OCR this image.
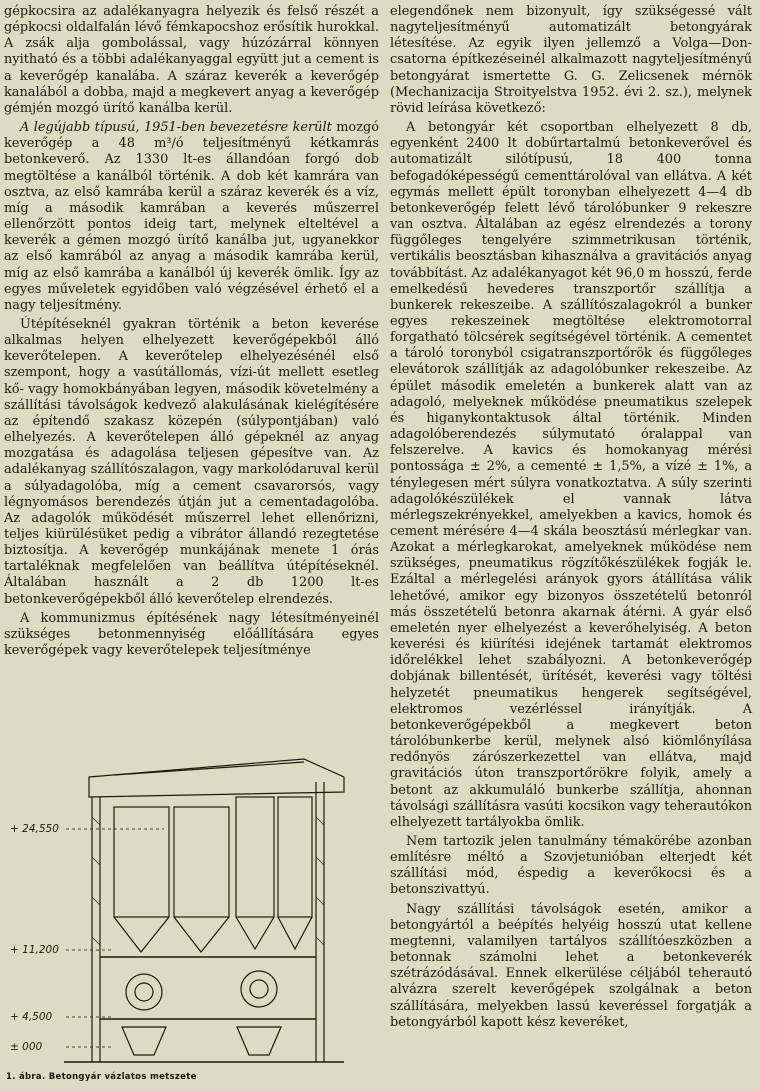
gépkocsira az adalékanyagra helyezik és felső részét a gépkocsi oldalfalán lévő fémkapocshoz erősítik hurokkal. A zsák alja gombolással, vagy húzózárral könnyen nyitható és a többi adalékanyaggal együtt jut a cement is a keverőgép kanalába. A száraz keverék a keverőgép kanalából a dobba, majd a megkevert anyag a keverőgép gémjén mozgó ürítő kanálba kerül.

A legújabb típusú, 1951-ben bevezetésre került mozgó keverőgép a 48 m³/ó teljesítményű kétkamrás betonkeverő. Az 1330 lt-es állandóan forgó dob megtöltése a kanálból történik. A dob két kamrára van osztva, az első kamrába kerül a száraz keverék és a víz, míg a második kamrában a keverés műszerrel ellenőrzött pontos ideig tart, melynek elteltével a keverék a gémen mozgó ürítő kanálba jut, ugyanekkor az első kamrából az anyag a második kamrába kerül, míg az első kamrába a kanálból új keverék ömlik. Így az egyes műveletek egyidőben való végzésével érhető el a nagy teljesítmény.

Útépítéseknél gyakran történik a beton keverése alkalmas helyen elhelyezett keverőgépekből álló keverőtelepen. A keverőtelep elhelyezésénél első szempont, hogy a vasútállomás, vízi-út mellett esetleg kő- vagy homokbányában legyen, második követelmény a szállítási távolságok kedvező alakulásának kielégítésére az építendő szakasz közepén (súlypontjában) való elhelyezés. A keverőtelepen álló gépeknél az anyag mozgatása és adagolása teljesen gépesítve van. Az adalékanyag szállítószalagon, vagy markolódaruval kerül a súlyadagolóba, míg a cement csavarorsós, vagy légnyomásos berendezés útján jut a cementadagolóba. Az adagolók működését műszerrel lehet ellenőrizni, teljes kiürülésüket pedig a vibrátor állandó rezegtetése biztosítja. A keverőgép munkájának menete 1 órás tartaléknak megfelelően van beállítva útépítéseknél. Általában használt a 2 db 1200 lt-es betonkeverőgépekből álló keverőtelep elrendezés.

A kommunizmus építésének nagy létesítményeinél szükséges betonmennyiség előállítására egyes keverőgépek vagy keverőtelepek teljesítménye

+ 24,550
+ 11,200
+ 4,500
± 000
1. ábra. Betongyár vázlatos metszete

elegendőnek nem bizonyult, így szükségessé vált nagyteljesítményű automatizált betongyárak létesítése. Az egyik ilyen jellemző a Volga—Don-csatorna építkezéseinél alkalmazott nagyteljesítményű betongyárat ismertette G. G. Zelicsenek mérnök (Mechanizacija Stroityelstva 1952. évi 2. sz.), melynek rövid leírása következő:

A betongyár két csoportban elhelyezett 8 db, egyenként 2400 lt dobűrtartalmú betonkeverővel és automatizált silótípusú, 18 400 tonna befogadóképességű cementtárolóval van ellátva. A két egymás mellett épült toronyban elhelyezett 4—4 db betonkeverőgép felett lévő tárolóbunker 9 rekeszre van osztva. Általában az egész elrendezés a torony függőleges tengelyére szimmetrikusan történik, vertikális beosztásban kihasználva a gravitációs anyag továbbítást. Az adalékanyagot két 96,0 m hosszú, ferde emelkedésű hevederes transzportőr szállítja a bunkerek rekeszeibe. A szállítószalagokról a bunker egyes rekeszeinek megtöltése elektromotorral forgatható tölcsérek segítségével történik. A cementet a tároló toronyból csigatranszportőrök és függőleges elevátorok szállítják az adagolóbunker rekeszeibe. Az épület második emeletén a bunkerek alatt van az adagoló, melyeknek működése pneumatikus szelepek és higanykontaktusok által történik. Minden adagolóberendezés súlymutató óralappal van felszerelve. A kavics és homokanyag mérési pontossága ± 2%, a cementé ± 1,5%, a vízé ± 1%, a ténylegesen mért súlyra vonatkoztatva. A súly szerinti adagolókészülékek el vannak látva mérlegszekrényekkel, amelyekben a kavics, homok és cement mérésére 4—4 skála beosztású mérlegkar van. Azokat a mérlegkarokat, amelyeknek működése nem szükséges, pneumatikus rögzítőkészülékek fogják le. Ezáltal a mérlegelési arányok gyors átállítása válik lehetővé, amikor egy bizonyos összetételű betonról más összetételű betonra akarnak átérni. A gyár első emeletén nyer elhelyezést a keverőhelyiség. A beton keverési és kiürítési idejének tartamát elektromos időrelékkel lehet szabályozni. A betonkeverőgép dobjának billentését, ürítését, keverési vagy töltési helyzetét pneumatikus hengerek segítségével, elektromos vezérléssel irányítják. A betonkeverőgépekből a megkevert beton tárolóbunkerbe kerül, melynek alsó kiömlőnyílása redőnyös zárószerkezettel van ellátva, majd gravitációs úton transzportőrökre folyik, amely a betont az akkumuláló bunkerbe szállítja, ahonnan távolsági szállításra vasúti kocsikon vagy teherautókon elhelyezett tartályokba ömlik.

Nem tartozik jelen tanulmány témakörébe azonban említésre méltó a Szovjetunióban elterjedt két szállítási mód, éspedig a keverőkocsi és a betonszivattyú.

Nagy szállítási távolságok esetén, amikor a betongyártól a beépítés helyéig hosszú utat kellene megtenni, valamilyen tartályos szállítóeszközben a betonnak számolni lehet a betonkeverék szétrázódásával. Ennek elkerülése céljából teherautó alvázra szerelt keverőgépek szolgálnak a beton szállítására, melyekben lassú keveréssel forgatják a betongyárból kapott kész keveréket,
